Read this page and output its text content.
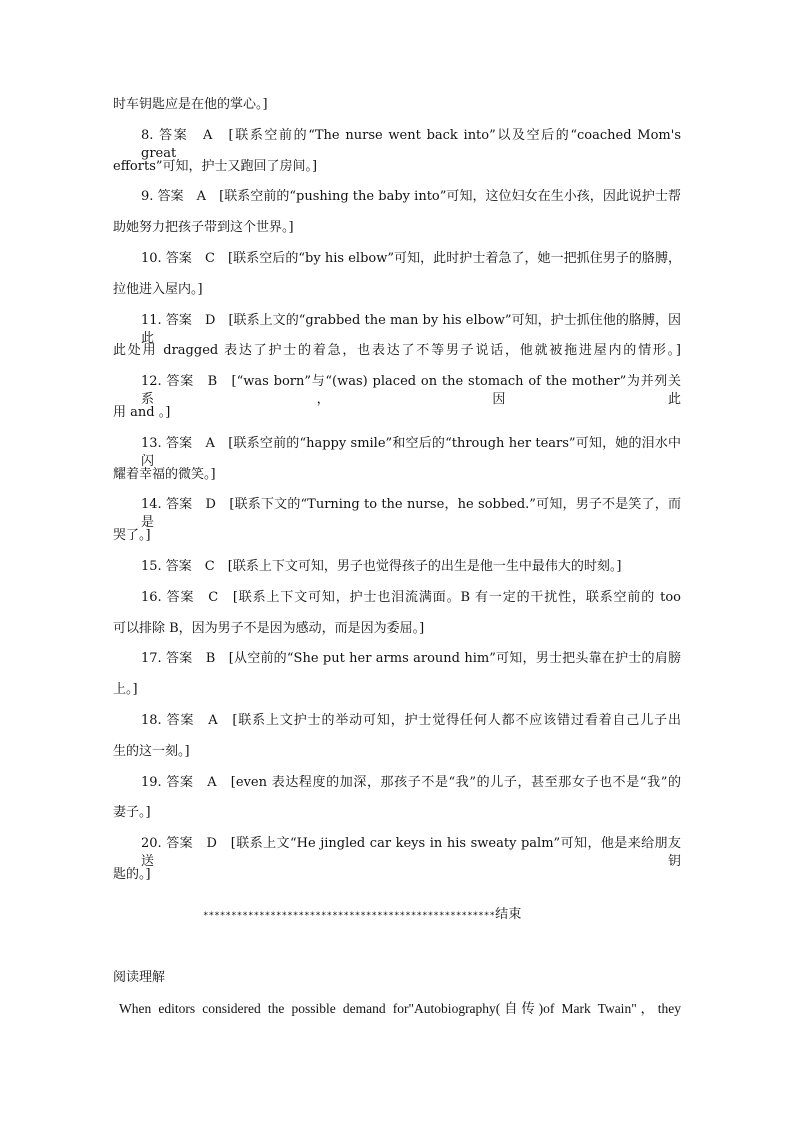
时车钥匙应是在他的掌心。]
8. 答案　A　[联系空前的“The nurse went back into”以及空后的“coached Mom's great
efforts”可知，护士又跑回了房间。]
9. 答案　A　[联系空前的“pushing the baby into”可知，这位妇女在生小孩，因此说护士帮
助她努力把孩子带到这个世界。]
10. 答案　C　[联系空后的“by his elbow”可知，此时护士着急了，她一把抓住男子的胳膊，
拉他进入屋内。]
11. 答案　D　[联系上文的“grabbed the man by his elbow”可知，护士抓住他的胳膊，因此
此处用 dragged 表达了护士的着急，也表达了不等男子说话，他就被拖进屋内的情形。]
12. 答案　B　[“was born”与“(was) placed on the stomach of the mother”为并列关系，因此
用 and 。]
13. 答案　A　[联系空前的“happy smile”和空后的“through her tears”可知，她的泪水中闪
耀着幸福的微笑。]
14. 答案　D　[联系下文的“Turning to the nurse，he sobbed.”可知，男子不是笑了，而是
哭了。]
15. 答案　C　[联系上下文可知，男子也觉得孩子的出生是他一生中最伟大的时刻。]
16. 答案　C　[联系上下文可知，护士也泪流满面。B 有一定的干扰性，联系空前的 too
可以排除 B，因为男子不是因为感动，而是因为委屈。]
17. 答案　B　[从空前的“She put her arms around him”可知，男士把头靠在护士的肩膀
上。]
18. 答案　A　[联系上文护士的举动可知，护士觉得任何人都不应该错过看着自己儿子出
生的这一刻。]
19. 答案　A　[even 表达程度的加深，那孩子不是“我”的儿子，甚至那女子也不是“我”的
妻子。]
20. 答案　D　[联系上文“He jingled car keys in his sweaty palm”可知，他是来给朋友送钥
匙的。]
****************************************************结束
阅读理解
When editors considered the possible demand for"Autobiography(自传)of Mark Twain"，they
